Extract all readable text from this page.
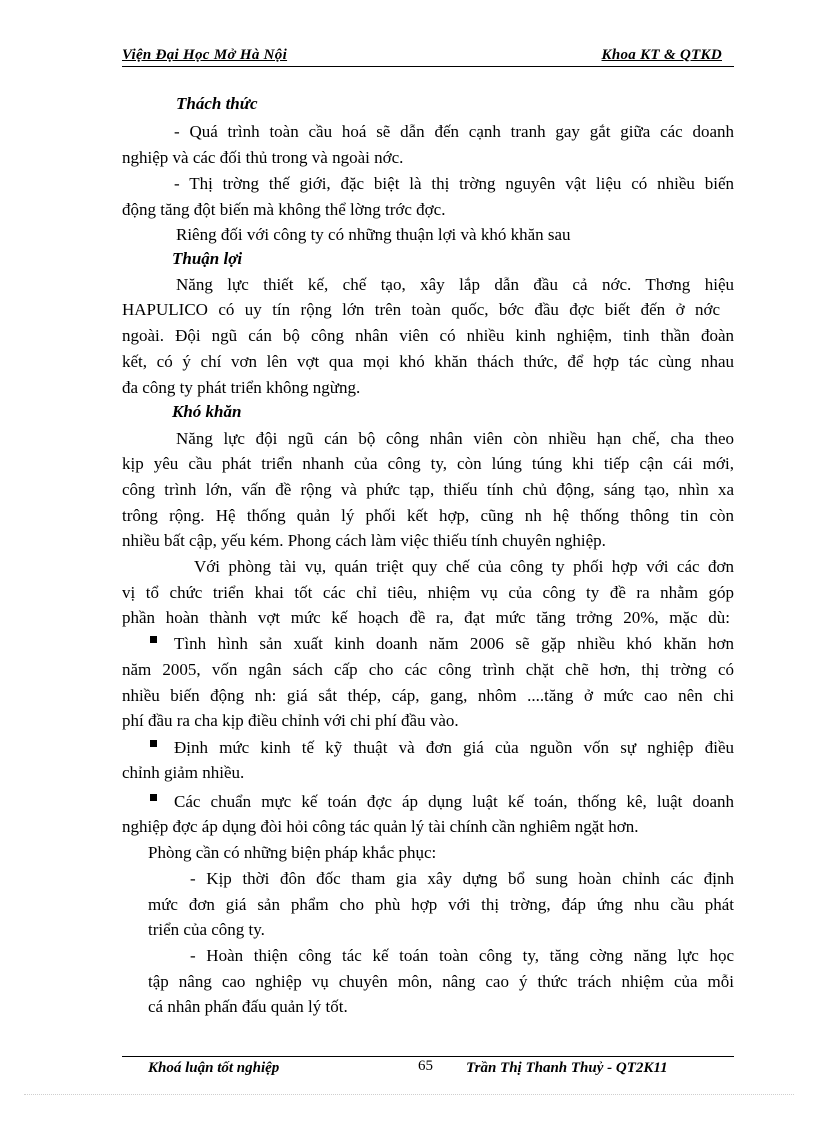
Viện Đại Học Mở Hà Nội	Khoa KT & QTKD
Thách thức
- Quá trình toàn cầu hoá sẽ dẫn đến cạnh tranh gay gắt giữa các doanh
nghiệp và các đối thủ trong và ngoài nớc.
- Thị trờng thế giới, đặc biệt là thị trờng nguyên vật liệu có nhiều biến
động tăng đột biến mà không thể lờng trớc đợc.
Riêng đối với công ty có những thuận lợi và khó khăn sau
Thuận lợi
Năng lực thiết kế, chế tạo, xây lắp dẫn đầu cả nớc. Thơng hiệu
HAPULICO có uy tín rộng lớn trên toàn quốc, bớc đầu đợc biết đến ở nớc
ngoài. Đội ngũ cán bộ công nhân viên có nhiều kinh nghiệm, tinh thần đoàn
kết, có ý chí vơn lên vợt qua mọi khó khăn thách thức, để hợp tác cùng nhau
đa công ty phát triển không ngừng.
Khó khăn
Năng lực đội ngũ cán bộ công nhân viên còn nhiều hạn chế, cha theo
kịp yêu cầu phát triển nhanh của công ty, còn lúng túng khi tiếp cận cái mới,
công trình lớn, vấn đề rộng và phức tạp, thiếu tính chủ động, sáng tạo, nhìn xa
trông rộng. Hệ thống quản lý phối kết hợp, cũng nh hệ thống thông tin còn
nhiều bất cập, yếu kém. Phong cách làm việc thiếu tính chuyên nghiệp.
Với phòng tài vụ, quán triệt quy chế của công ty phối hợp với các đơn
vị tổ chức triển khai tốt các chỉ tiêu, nhiệm vụ của công ty đề ra nhằm góp
phần hoàn thành vợt mức kế hoạch đề ra, đạt mức tăng trởng 20%, mặc dù:
Tình hình sản xuất kinh doanh năm 2006 sẽ gặp nhiều khó khăn hơn
năm 2005, vốn ngân sách cấp cho các công trình chặt chẽ hơn, thị trờng có
nhiều biến động nh: giá sắt thép, cáp, gang, nhôm ....tăng ở mức cao nên chi
phí đầu ra cha kịp điều chỉnh với chi phí đầu vào.
Định mức kinh tế kỹ thuật và đơn giá của nguồn vốn sự nghiệp điều
chỉnh giảm nhiều.
Các chuẩn mực kế toán đợc áp dụng luật kế toán, thống kê, luật doanh
nghiệp đợc áp dụng đòi hỏi công tác quản lý tài chính cần nghiêm ngặt hơn.
Phòng cần có những biện pháp khắc phục:
- Kịp thời đôn đốc tham gia xây dựng bổ sung hoàn chỉnh các định
mức đơn giá sản phẩm cho phù hợp với thị trờng, đáp ứng nhu cầu phát
triển của công ty.
- Hoàn thiện công tác kế toán toàn công ty, tăng cờng năng lực học
tập nâng cao nghiệp vụ chuyên môn, nâng cao ý thức trách nhiệm của mỗi
cá nhân phấn đấu quản lý tốt.
Khoá luận tốt nghiệp	65 Trần Thị Thanh Thuỷ - QT2K11
